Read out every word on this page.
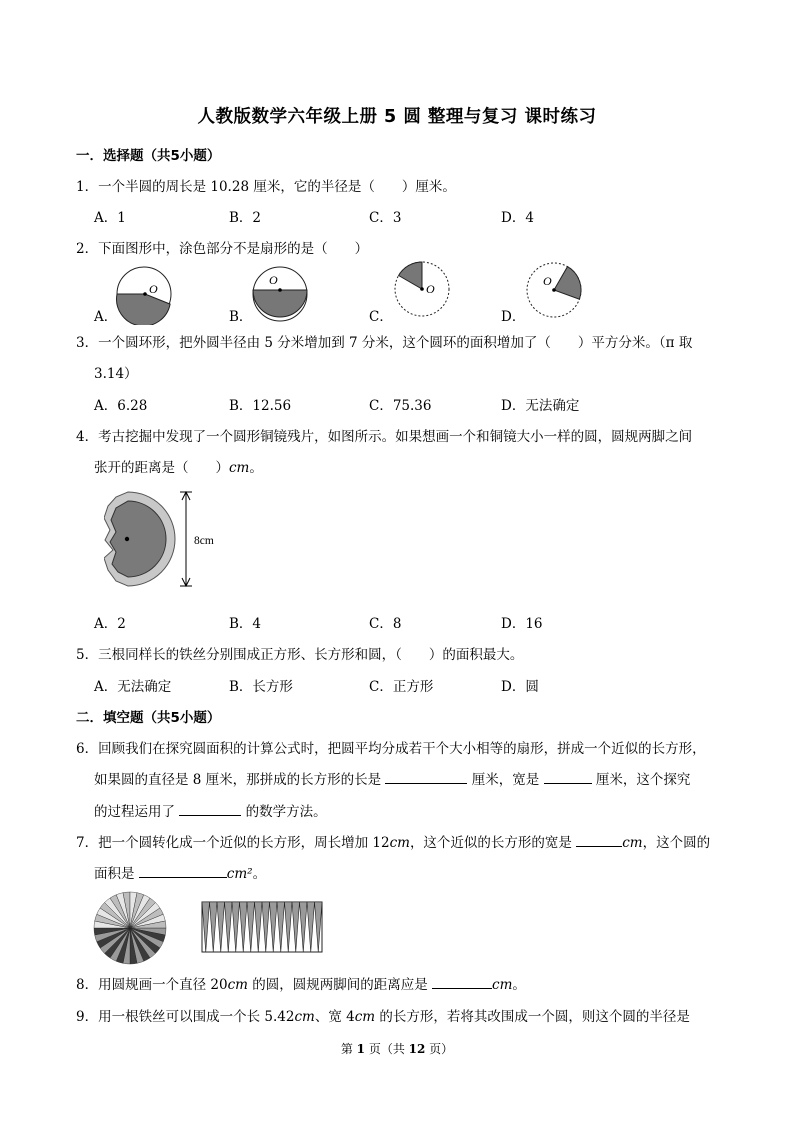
人教版数学六年级上册 5 圆 整理与复习 课时练习
一．选择题（共5小题）
1．一个半圆的周长是 10.28 厘米，它的半径是（　　）厘米。
A．1	B．2	C．3	D．4
2．下面图形中，涂色部分不是扇形的是（　　）
A．	B．	C．	D．
O
O
O
O
3．一个圆环形，把外圆半径由 5 分米增加到 7 分米，这个圆环的面积增加了（　　）平方分米。（π 取
3.14）
A．6.28	B．12.56	C．75.36	D．无法确定
4．考古挖掘中发现了一个圆形铜镜残片，如图所示。如果想画一个和铜镜大小一样的圆，圆规两脚之间
张开的距离是（　　）cm。
8cm
A．2	B．4	C．8	D．16
5．三根同样长的铁丝分别围成正方形、长方形和圆，（　　）的面积最大。
A．无法确定	B．长方形	C．正方形	D．圆
二．填空题（共5小题）
6．回顾我们在探究圆面积的计算公式时，把圆平均分成若干个大小相等的扇形，拼成一个近似的长方形，
如果圆的直径是 8 厘米，那拼成的长方形的长是	厘米，宽是	厘米，这个探究
的过程运用了	的数学方法。
7．把一个圆转化成一个近似的长方形，周长增加 12cm，这个近似的长方形的宽是	cm，这个圆的
面积是	cm²。
8．用圆规画一个直径 20cm 的圆，圆规两脚间的距离应是	cm。
9．用一根铁丝可以围成一个长 5.42cm、宽 4cm 的长方形，若将其改围成一个圆，则这个圆的半径是
第 1 页（共 12 页）
